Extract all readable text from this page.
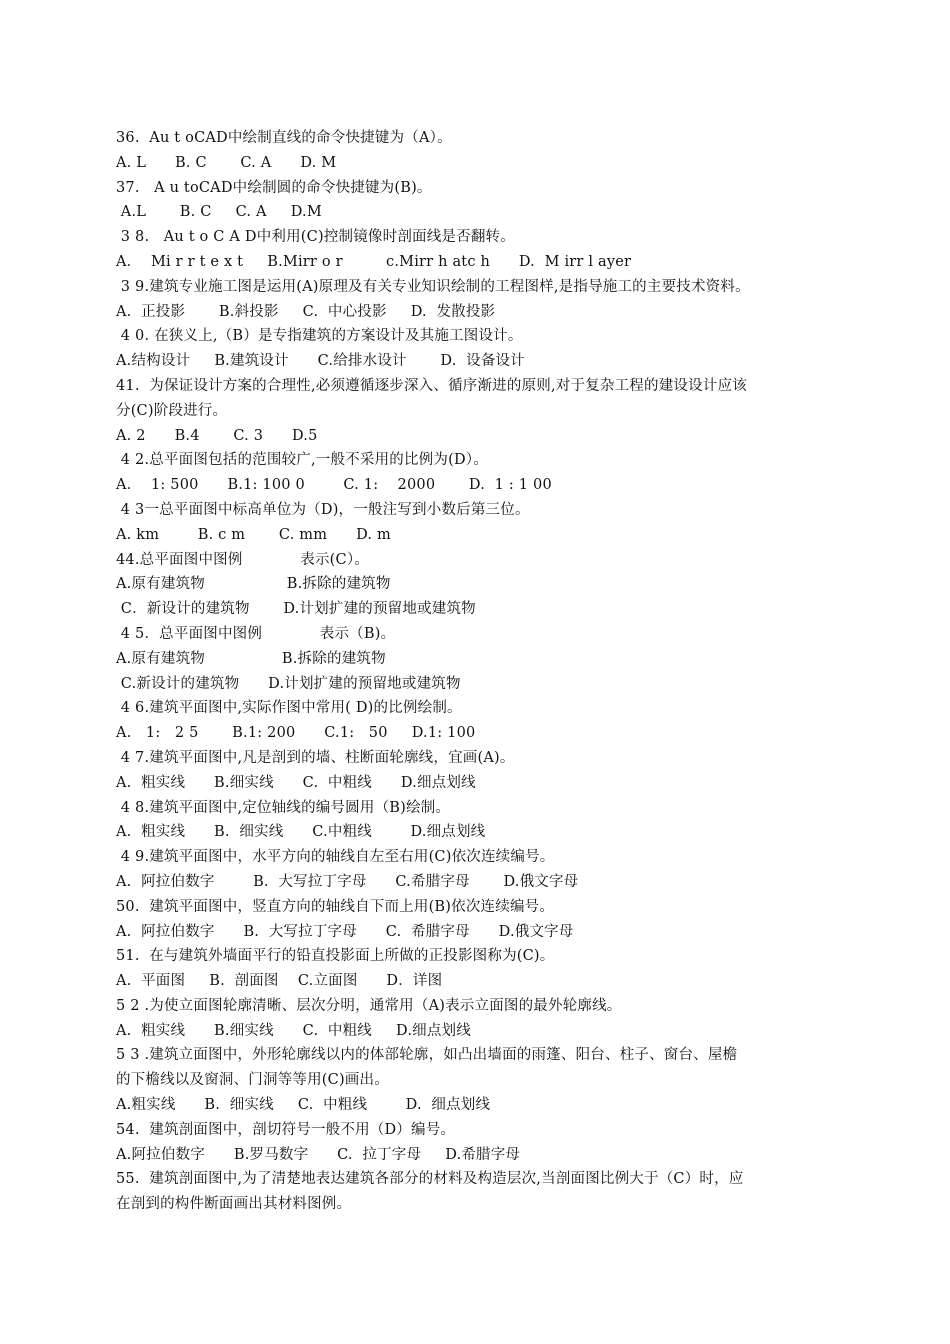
36.  Au t oCAD中绘制直线的命令快捷键为（A）。
A. L      B. C       C. A      D. M
37.   A u toCAD中绘制圆的命令快捷键为(B)。
A.L       B. C     C. A     D.M
3 8.   Au t o C A D中利用(C)控制镜像时剖面线是否翻转。
A．  Mi r r t e x t     B.Mirr o r         c.Mirr h atc h      D.  M irr l ayer
3 9.建筑专业施工图是运用(A)原理及有关专业知识绘制的工程图样,是指导施工的主要技术资料。
A.  正投影       B.斜投影     C.  中心投影     D.  发散投影
4 0. 在狭义上,（B）是专指建筑的方案设计及其施工图设计。
A.结构设计     B.建筑设计      C.给排水设计       D.  设备设计
41.  为保证设计方案的合理性,必须遵循逐步深入、循序渐进的原则,对于复杂工程的建设设计应该
分(C)阶段进行。
A. 2      B.4       C. 3      D.5
4 2.总平面图包括的范围较广,一般不采用的比例为(D）。
A．  1: 500      B.1: 100 0        C. 1:    2000       D.  1 : 1 00
4 3一总平面图中标高单位为（D)，一般注写到小数后第三位。
A. km        B. c m       C. mm      D. m
44.总平面图中图例            表示(C）。
A.原有建筑物                 B.拆除的建筑物
C．新设计的建筑物       D.计划扩建的预留地或建筑物
4 5．总平面图中图例            表示（B)。
A.原有建筑物                B.拆除的建筑物
C.新设计的建筑物      D.计划扩建的预留地或建筑物
4 6.建筑平面图中,实际作图中常用( D)的比例绘制。
A.   1:   2 5       B.1: 200      C.1:   50     D.1: 100
4 7.建筑平面图中,凡是剖到的墙、柱断面轮廓线，宜画(A)。
A.  粗实线      B.细实线      C.  中粗线      D.细点划线
4 8.建筑平面图中,定位轴线的编号圆用（B)绘制。
A.  粗实线      B.  细实线      C.中粗线        D.细点划线
4 9.建筑平面图中，水平方向的轴线自左至右用(C)依次连续编号。
A.  阿拉伯数字        B.  大写拉丁字母      C.希腊字母       D.俄文字母
50.  建筑平面图中，竖直方向的轴线自下而上用(B)依次连续编号。
A.  阿拉伯数字      B.  大写拉丁字母      C.  希腊字母      D.俄文字母
51.  在与建筑外墙面平行的铅直投影面上所做的正投影图称为(C)。
A.  平面图     B.  剖面图    C.立面图      D．详图
5 2 .为使立面图轮廓清晰、层次分明，通常用（A)表示立面图的最外轮廓线。
A.  粗实线      B.细实线      C.  中粗线     D.细点划线
5 3 .建筑立面图中，外形轮廓线以内的体部轮廓，如凸出墙面的雨篷、阳台、柱子、窗台、屋檐
的下檐线以及窗洞、门洞等等用(C)画出。
A.粗实线      B.  细实线     C.  中粗线        D.  细点划线
54.  建筑剖面图中，剖切符号一般不用（D）编号。
A.阿拉伯数字      B.罗马数字      C.  拉丁字母     D.希腊字母
55.  建筑剖面图中,为了清楚地表达建筑各部分的材料及构造层次,当剖面图比例大于（C）时，应
在剖到的构件断面画出其材料图例。
